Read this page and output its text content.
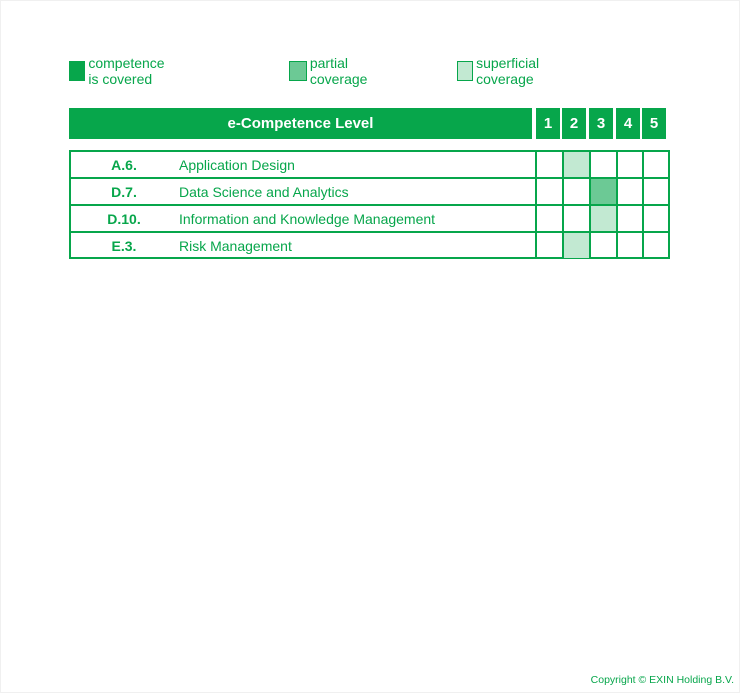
competence is covered
partial coverage
superficial coverage
e-Competence Level	1	2	3	4	5
A.6.	Application Design
D.7.	Data Science and Analytics
D.10.	Information and Knowledge Management
E.3.	Risk Management
Copyright © EXIN Holding B.V.
